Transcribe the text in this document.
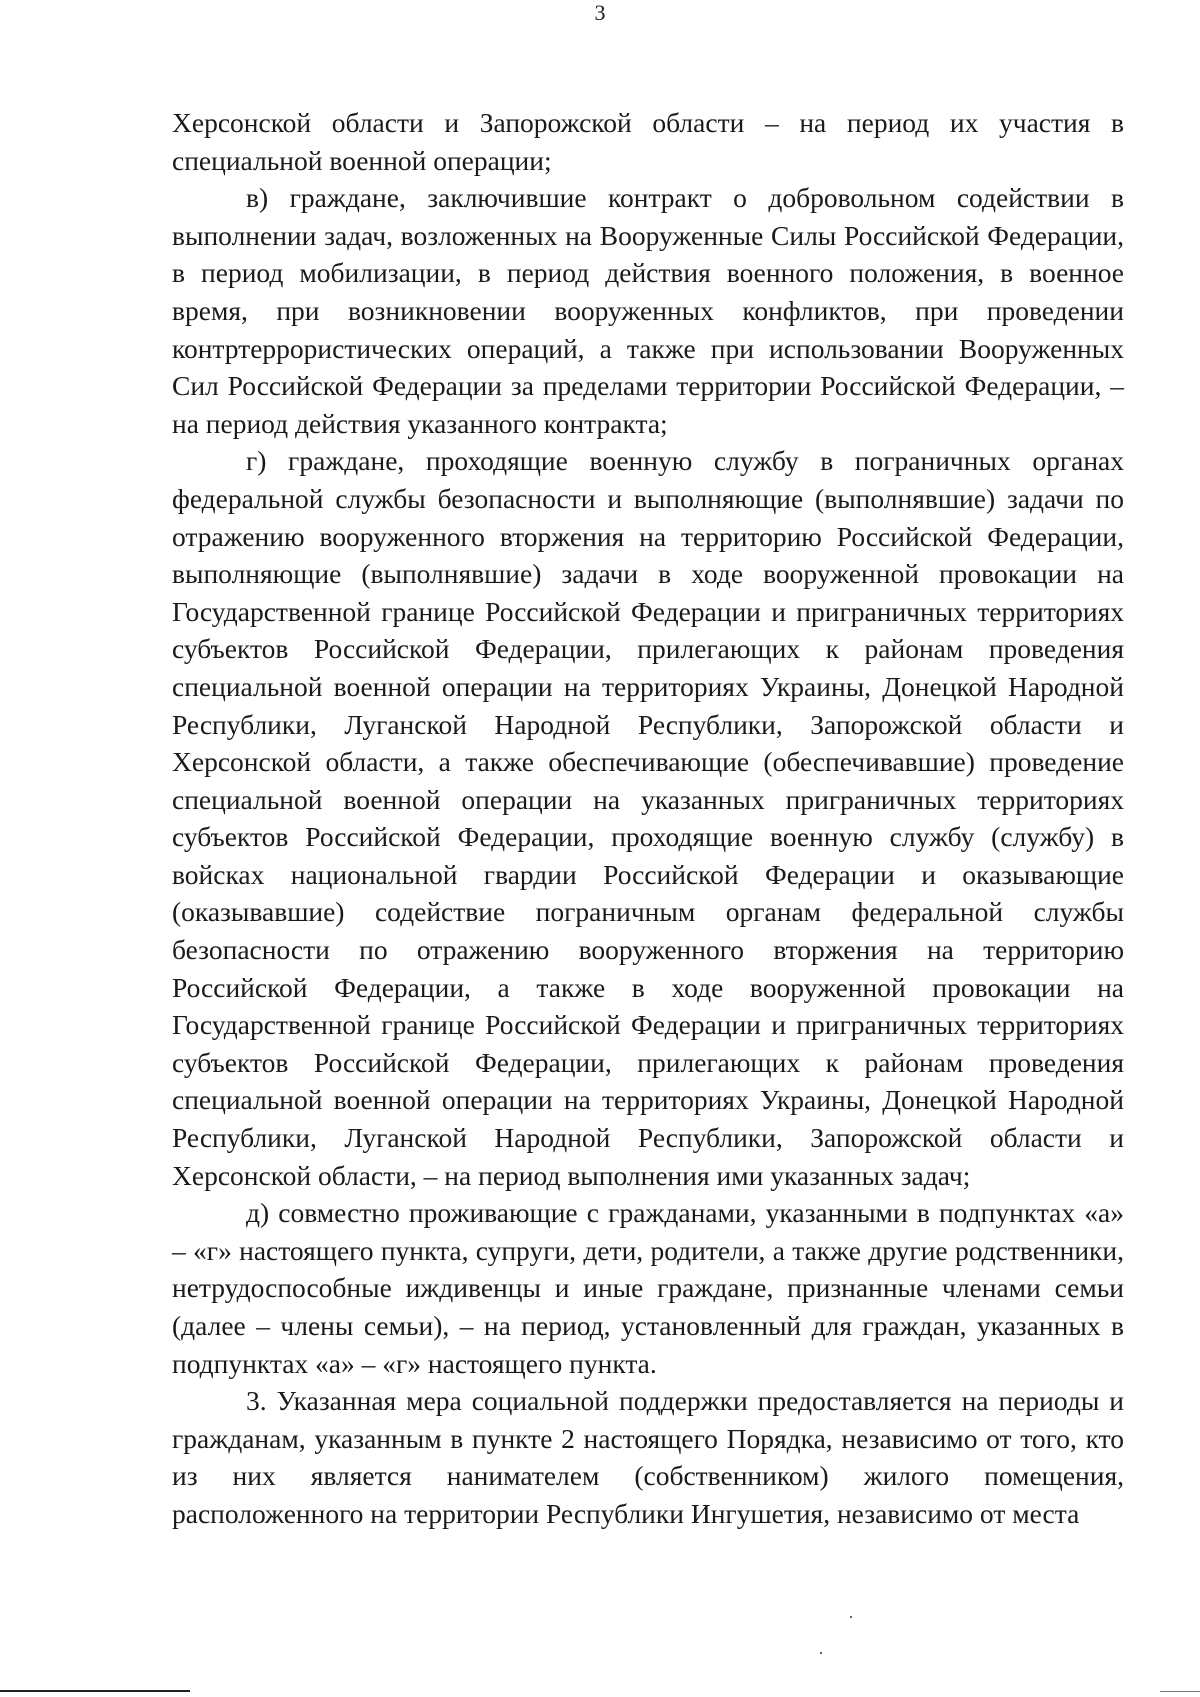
3

Херсонской области и Запорожской области – на период их участия в специальной военной операции;

в) граждане, заключившие контракт о добровольном содействии в выполнении задач, возложенных на Вооруженные Силы Российской Федерации, в период мобилизации, в период действия военного положения, в военное время, при возникновении вооруженных конфликтов, при проведении контртеррористических операций, а также при использовании Вооруженных Сил Российской Федерации за пределами территории Российской Федерации, – на период действия указанного контракта;

г) граждане, проходящие военную службу в пограничных органах федеральной службы безопасности и выполняющие (выполнявшие) задачи по отражению вооруженного вторжения на территорию Российской Федерации, выполняющие (выполнявшие) задачи в ходе вооруженной провокации на Государственной границе Российской Федерации и приграничных территориях субъектов Российской Федерации, прилегающих к районам проведения специальной военной операции на территориях Украины, Донецкой Народной Республики, Луганской Народной Республики, Запорожской области и Херсонской области, а также обеспечивающие (обеспечивавшие) проведение специальной военной операции на указанных приграничных территориях субъектов Российской Федерации, проходящие военную службу (службу) в войсках национальной гвардии Российской Федерации и оказывающие (оказывавшие) содействие пограничным органам федеральной службы безопасности по отражению вооруженного вторжения на территорию Российской Федерации, а также в ходе вооруженной провокации на Государственной границе Российской Федерации и приграничных территориях субъектов Российской Федерации, прилегающих к районам проведения специальной военной операции на территориях Украины, Донецкой Народной Республики, Луганской Народной Республики, Запорожской области и Херсонской области, – на период выполнения ими указанных задач;

д) совместно проживающие с гражданами, указанными в подпунктах «а» – «г» настоящего пункта, супруги, дети, родители, а также другие родственники, нетрудоспособные иждивенцы и иные граждане, признанные членами семьи (далее – члены семьи), – на период, установленный для граждан, указанных в подпунктах «а» – «г» настоящего пункта.

3. Указанная мера социальной поддержки предоставляется на периоды и гражданам, указанным в пункте 2 настоящего Порядка, независимо от того, кто из них является нанимателем (собственником) жилого помещения, расположенного на территории Республики Ингушетия, независимо от места
